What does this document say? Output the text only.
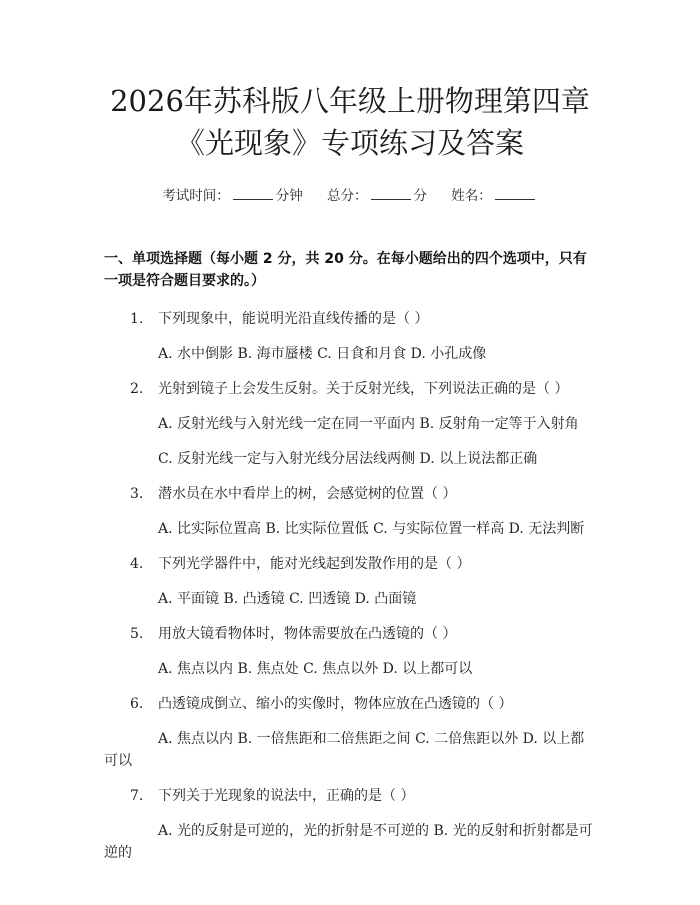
2026年苏科版八年级上册物理第四章《光现象》专项练习及答案
考试时间：	分钟 总分：	分 姓名：
一、单项选择题（每小题 2 分，共 20 分。在每小题给出的四个选项中，只有一项是符合题目要求的。）
1. 下列现象中，能说明光沿直线传播的是（ ）
A. 水中倒影 B. 海市蜃楼 C. 日食和月食 D. 小孔成像
2. 光射到镜子上会发生反射。关于反射光线，下列说法正确的是（ ）
A. 反射光线与入射光线一定在同一平面内 B. 反射角一定等于入射角
C. 反射光线一定与入射光线分居法线两侧 D. 以上说法都正确
3. 潜水员在水中看岸上的树，会感觉树的位置（ ）
A. 比实际位置高 B. 比实际位置低 C. 与实际位置一样高 D. 无法判断
4. 下列光学器件中，能对光线起到发散作用的是（ ）
A. 平面镜 B. 凸透镜 C. 凹透镜 D. 凸面镜
5. 用放大镜看物体时，物体需要放在凸透镜的（ ）
A. 焦点以内 B. 焦点处 C. 焦点以外 D. 以上都可以
6. 凸透镜成倒立、缩小的实像时，物体应放在凸透镜的（ ）
A. 焦点以内 B. 一倍焦距和二倍焦距之间 C. 二倍焦距以外 D. 以上都可以
7. 下列关于光现象的说法中，正确的是（ ）
A. 光的反射是可逆的，光的折射是不可逆的 B. 光的反射和折射都是可逆的
